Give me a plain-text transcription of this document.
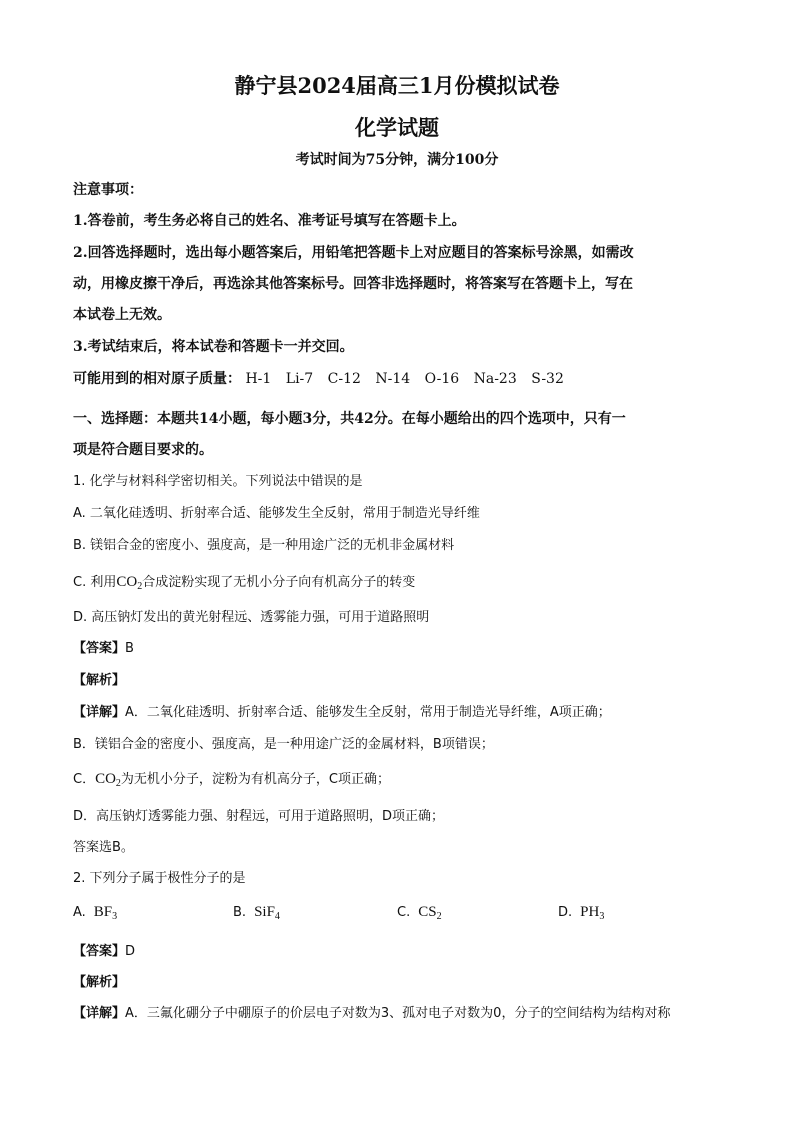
静宁县2024届高三1月份模拟试卷
化学试题
考试时间为75分钟，满分100分
注意事项：
1.答卷前，考生务必将自己的姓名、准考证号填写在答题卡上。
2.回答选择题时，选出每小题答案后，用铅笔把答题卡上对应题目的答案标号涂黑，如需改
动，用橡皮擦干净后，再选涂其他答案标号。回答非选择题时，将答案写在答题卡上，写在
本试卷上无效。
3.考试结束后，将本试卷和答题卡一并交回。
可能用到的相对原子质量： H-1 Li-7 C-12 N-14 O-16 Na-23 S-32
一、选择题：本题共14小题，每小题3分，共42分。在每小题给出的四个选项中，只有一
项是符合题目要求的。
1. 化学与材料科学密切相关。下列说法中错误的是
A. 二氧化硅透明、折射率合适、能够发生全反射，常用于制造光导纤维
B. 镁铝合金的密度小、强度高，是一种用途广泛的无机非金属材料
C. 利用$CO_2$合成淀粉实现了无机小分子向有机高分子的转变
D. 高压钠灯发出的黄光射程远、透雾能力强，可用于道路照明
【答案】B
【解析】
【详解】A．二氧化硅透明、折射率合适、能够发生全反射，常用于制造光导纤维，A项正确；
B．镁铝合金的密度小、强度高，是一种用途广泛的金属材料，B项错误；
C．$CO_2$为无机小分子，淀粉为有机高分子，C项正确；
D．高压钠灯透雾能力强、射程远，可用于道路照明，D项正确；
答案选B。
2. 下列分子属于极性分子的是
A. $BF_3$	B. SiF$_4$	C. $CS_2$	D. $PH_3$
【答案】D
【解析】
【详解】A．三氟化硼分子中硼原子的价层电子对数为3、孤对电子对数为0，分子的空间结构为结构对称
